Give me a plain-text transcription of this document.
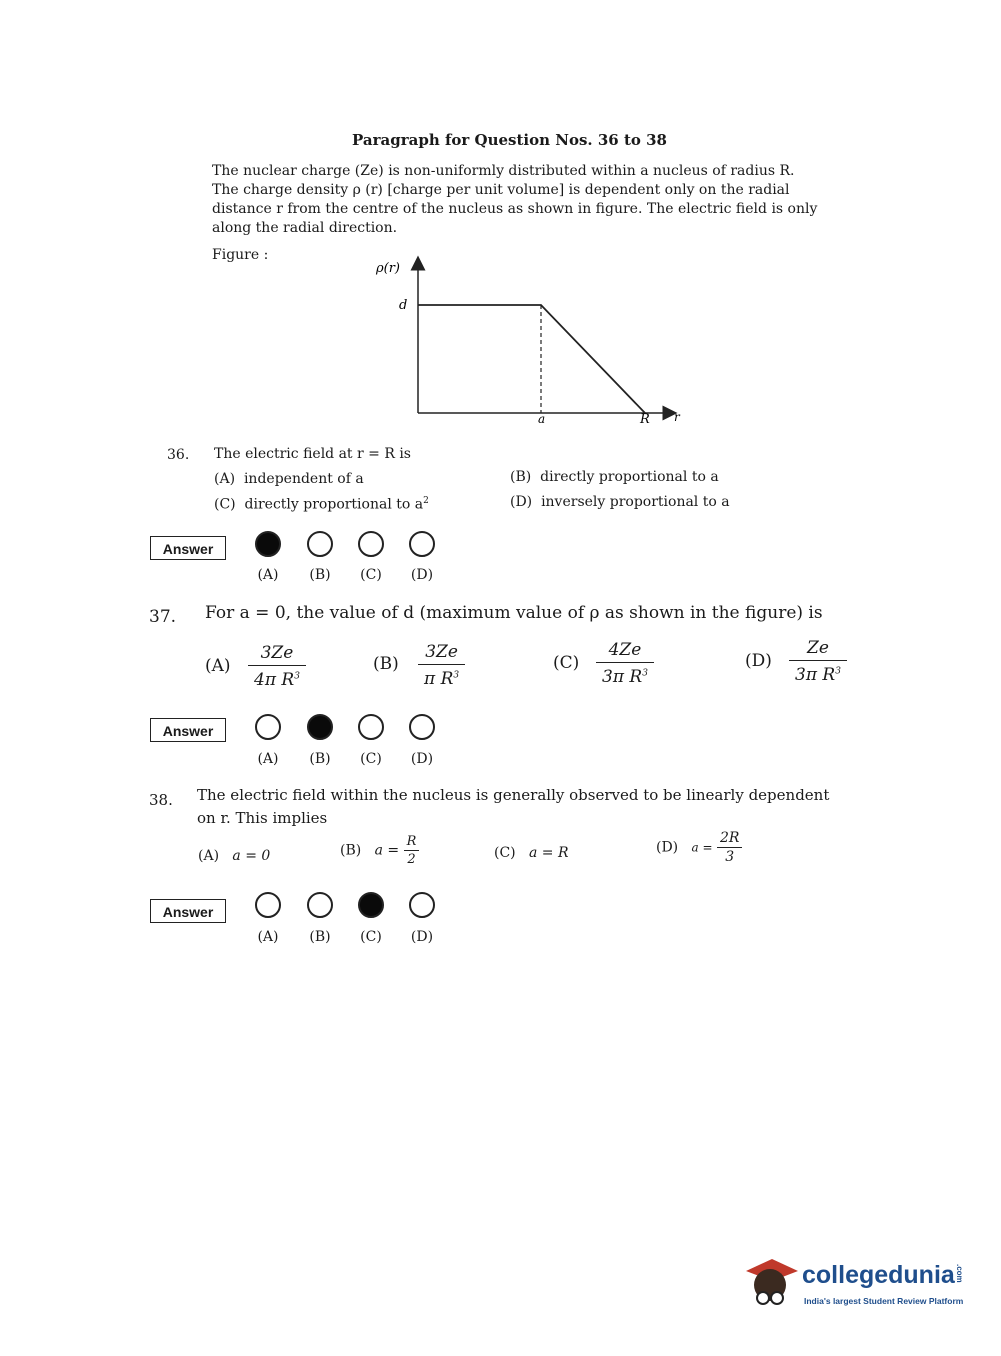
Paragraph for Question Nos. 36 to 38
The nuclear charge (Ze) is non-uniformly distributed within a nucleus of radius R.
The charge density ρ (r) [charge per unit volume] is dependent only on the radial
distance r from the centre of the nucleus as shown in figure. The electric field is only
along the radial direction.
Figure :
ρ(r)
d
a	R r
36. The electric field at r = R is
(A) independent of a	(B) directly proportional to a
(C) directly proportional to $a^2$	(D) inversely proportional to a
Answer
(A)	(B)	(C)	(D)
37. For a = 0, the value of d (maximum value of ρ as shown in the figure) is
$(A) \frac{3Ze}{4\pi R^3}$	$(B) \frac{3Ze}{\pi R^3}$	$(C) \frac{4Ze}{3\pi R^3}$	$(D) \frac{Ze}{3\pi R^3}$
Answer
(A)	(B)	(C)	(D)
38. The electric field within the nucleus is generally observed to be linearly dependent
on r. This implies
(A) a = 0	(B) $a = \frac{R}{2}$	(C) a = R	(D) $a = \frac{2R}{3}$
Answer
(A)	(B)	(C)	(D)
collegedunia.com
India's largest Student Review Platform
